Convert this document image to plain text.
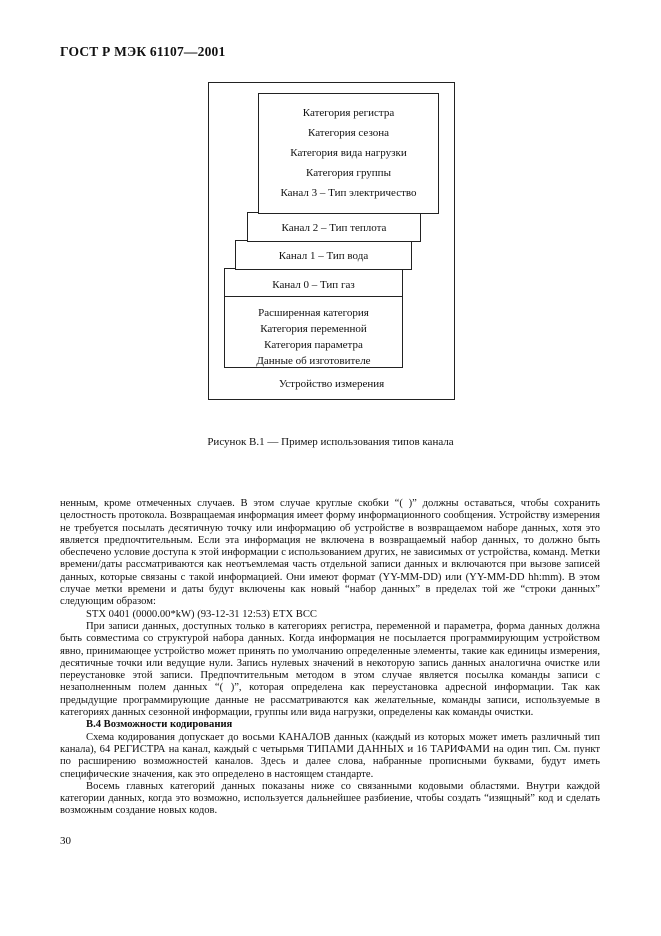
ГОСТ Р МЭК 61107—2001
Устройство измерения
Канал 0 – Тип газ
Расширенная категория
Категория переменной
Категория параметра
Данные об изготовителе
Канал 1 – Тип вода
Канал 2 – Тип теплота
Категория регистра
Категория сезона
Категория вида нагрузки
Категория группы
Канал 3 – Тип электричество
Рисунок В.1 — Пример использования типов канала

ненным, кроме отмеченных случаев. В этом случае круглые скобки “( )” должны оставаться, чтобы сохранить целостность протокола. Возвращаемая информация имеет форму информационного сообщения. Устройству измерения не требуется посылать десятичную точку или информацию об устройстве в возвращаемом наборе данных, хотя это является предпочтительным. Если эта информация не включена в возвращаемый набор данных, то должно быть обеспечено условие доступа к этой информации с использованием других, не зависимых от устройства, команд. Метки времени/даты рассматриваются как неотъемлемая часть отдельной записи данных и включаются при вызове записей данных, которые связаны с такой информацией. Они имеют формат (YY-MM-DD) или (YY-MM-DD hh:mm). В этом случае метки времени и даты будут включены как новый “набор данных” в пределах той же “строки данных” следующим образом:

STX 0401 (0000.00*kW) (93-12-31 12:53) ETX BCC

При записи данных, доступных только в категориях регистра, переменной и параметра, форма данных должна быть совместима со структурой набора данных. Когда информация не посылается программирующим устройством явно, принимающее устройство может принять по умолчанию определенные элементы, такие как единицы измерения, десятичные точки или ведущие нули. Запись нулевых значений в некоторую запись данных аналогична очистке или переустановке этой записи. Предпочтительным методом в этом случае является посылка команды записи с незаполненным полем данных “( )”, которая определена как переустановка адресной информации. Так как предыдущие программирующие данные не рассматриваются как желательные, команды записи, используемые в категориях данных сезонной информации, группы или вида нагрузки, определены как команды очистки.

В.4 Возможности кодирования

Схема кодирования допускает до восьми КАНАЛОВ данных (каждый из которых может иметь различный тип канала), 64 РЕГИСТРА на канал, каждый с четырьмя ТИПАМИ ДАННЫХ и 16 ТАРИФАМИ на один тип. См. пункт по расширению возможностей каналов. Здесь и далее слова, набранные прописными буквами, будут иметь специфические значения, как это определено в настоящем стандарте.

Восемь главных категорий данных показаны ниже со связанными кодовыми областями. Внутри каждой категории данных, когда это возможно, используется дальнейшее разбиение, чтобы создать “изящный” код и сделать возможным создание новых кодов.

30
